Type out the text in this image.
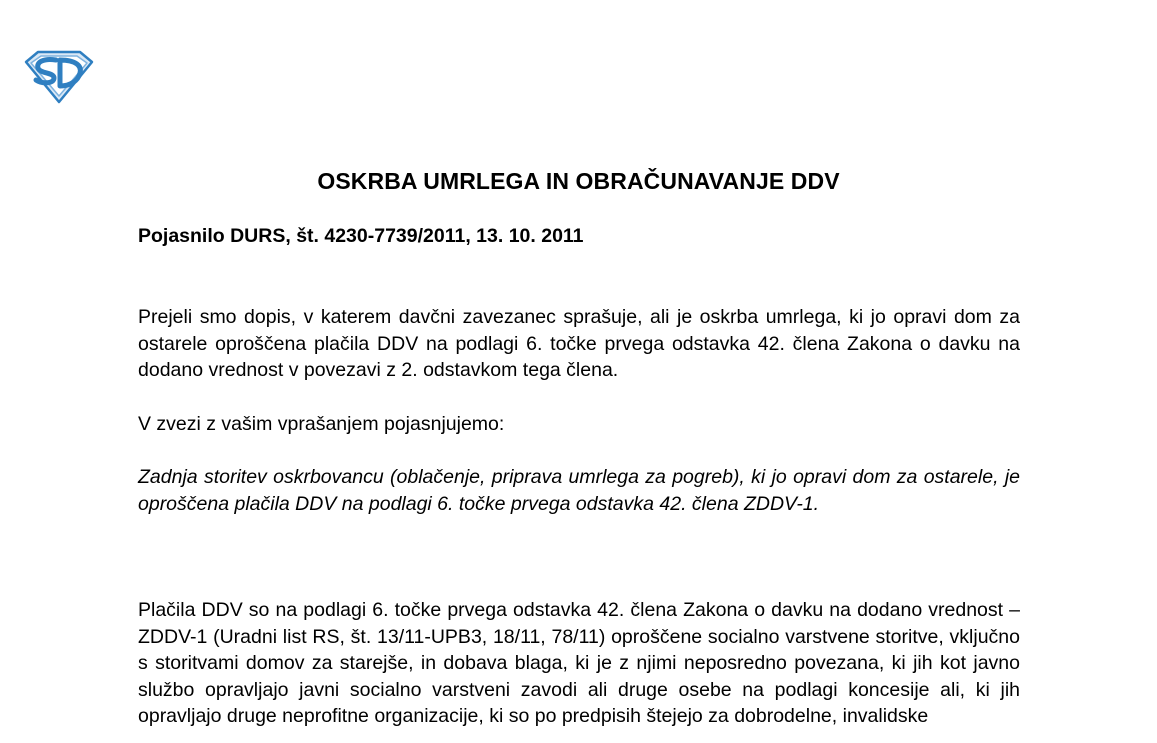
OSKRBA UMRLEGA IN OBRAČUNAVANJE DDV
Pojasnilo DURS, št. 4230-7739/2011, 13. 10. 2011

Prejeli smo dopis, v katerem davčni zavezanec sprašuje, ali je oskrba umrlega, ki jo opravi dom za ostarele oproščena plačila DDV na podlagi 6. točke prvega odstavka 42. člena Zakona o davku na dodano vrednost v povezavi z 2. odstavkom tega člena.

V zvezi z vašim vprašanjem pojasnjujemo:

Zadnja storitev oskrbovancu (oblačenje, priprava umrlega za pogreb), ki jo opravi dom za ostarele, je oproščena plačila DDV na podlagi 6. točke prvega odstavka 42. člena ZDDV-1.

Plačila DDV so na podlagi 6. točke prvega odstavka 42. člena Zakona o davku na dodano vrednost – ZDDV-1 (Uradni list RS, št. 13/11-UPB3, 18/11, 78/11) oproščene socialno varstvene storitve, vključno s storitvami domov za starejše, in dobava blaga, ki je z njimi neposredno povezana, ki jih kot javno službo opravljajo javni socialno varstveni zavodi ali druge osebe na podlagi koncesije ali, ki jih opravljajo druge neprofitne organizacije, ki so po predpisih štejejo za dobrodelne, invalidske
